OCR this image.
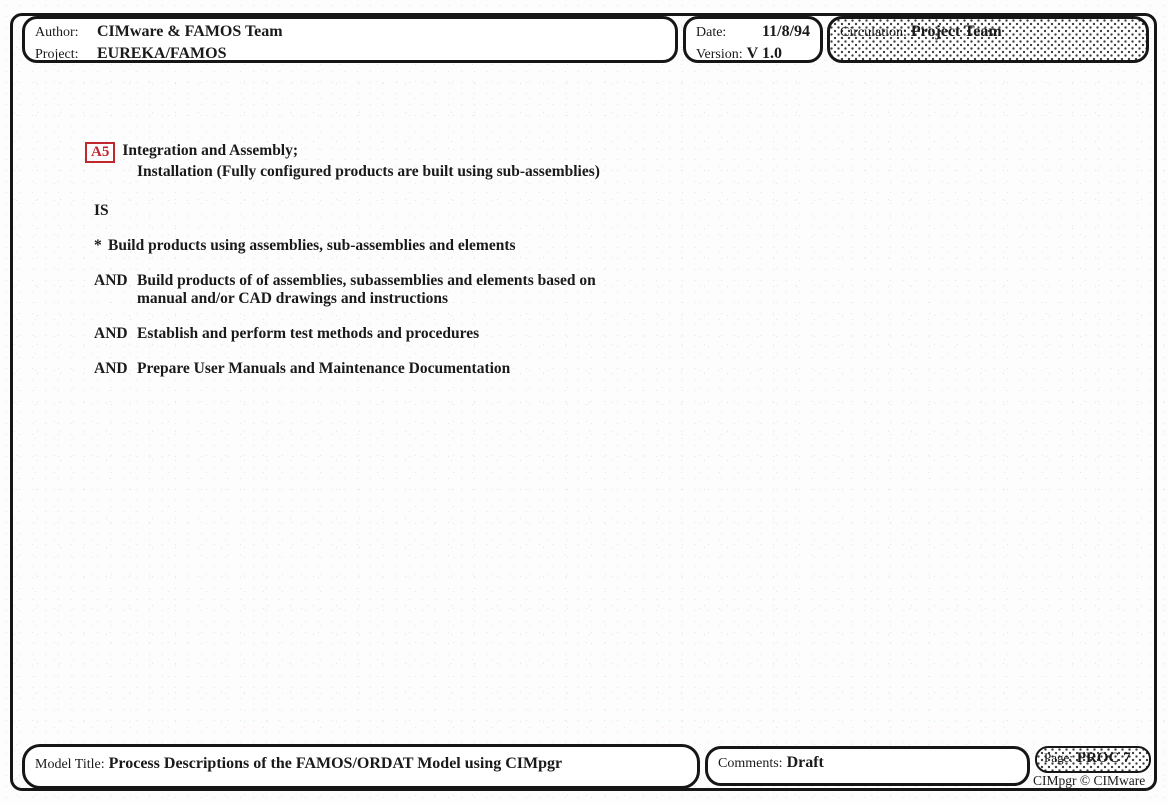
Author: CIMware & FAMOS Team
Project: EUREKA/FAMOS
Date: 11/8/94
Version: V 1.0
Circulation: Project Team
A5 Integration and Assembly;
Installation (Fully configured products are built using sub-assemblies)
IS
* Build products using assemblies, sub-assemblies and elements
AND Build products of of assemblies, subassemblies and elements based on
manual and/or CAD drawings and instructions
AND Establish and perform test methods and procedures
AND Prepare User Manuals and Maintenance Documentation
Model Title: Process Descriptions of the FAMOS/ORDAT Model using CIMpgr	Comments: Draft	Page: PROC 7
CIMpgr © CIMware
